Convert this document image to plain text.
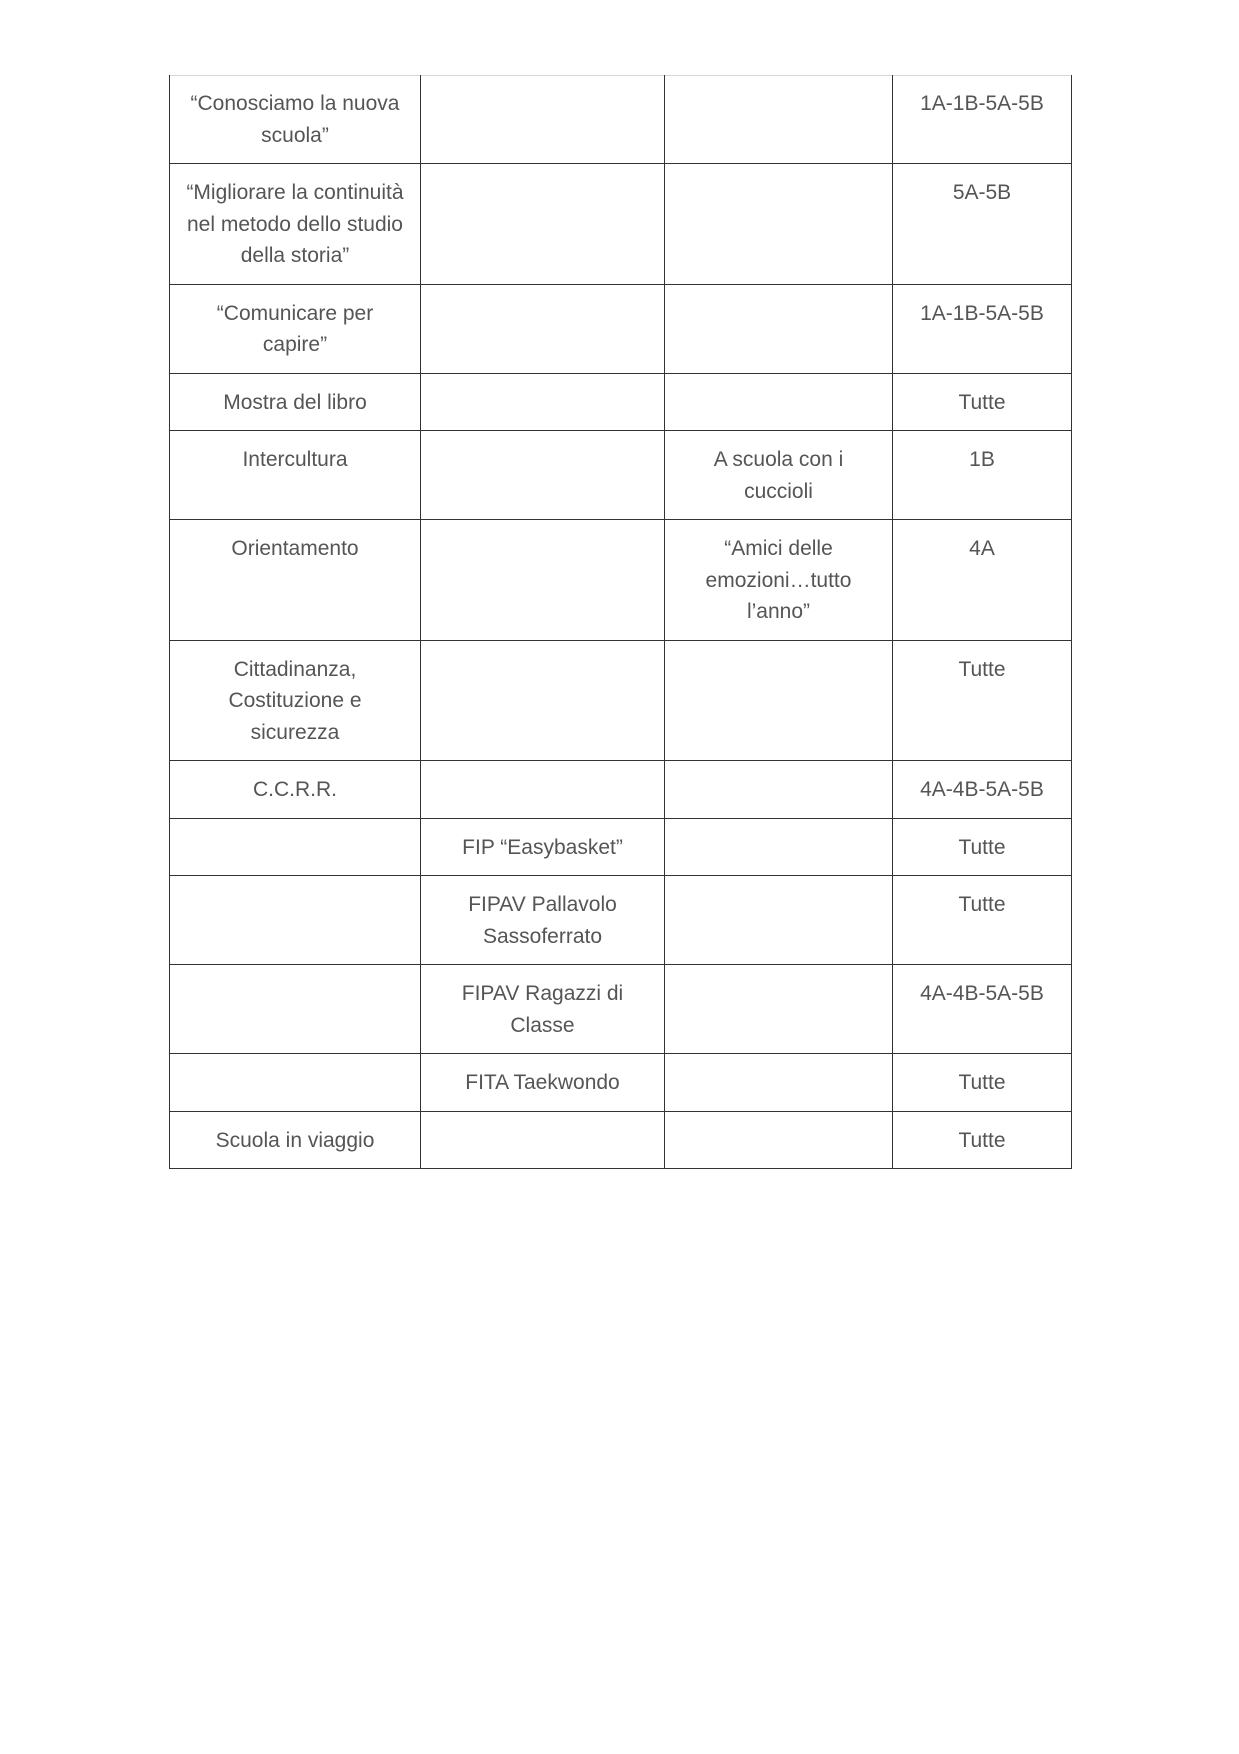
“Conosciamo la nuova scuola”			1A-1B-5A-5B
“Migliorare la continuità nel metodo dello studio della storia”			5A-5B
“Comunicare per capire”			1A-1B-5A-5B
Mostra del libro			Tutte
Intercultura		A scuola con i cuccioli	1B
Orientamento		“Amici delle emozioni…tutto l’anno”	4A
Cittadinanza, Costituzione e sicurezza			Tutte
C.C.R.R.			4A-4B-5A-5B
	FIP “Easybasket”		Tutte
	FIPAV Pallavolo Sassoferrato		Tutte
	FIPAV Ragazzi di Classe		4A-4B-5A-5B
	FITA Taekwondo		Tutte
Scuola in viaggio			Tutte
